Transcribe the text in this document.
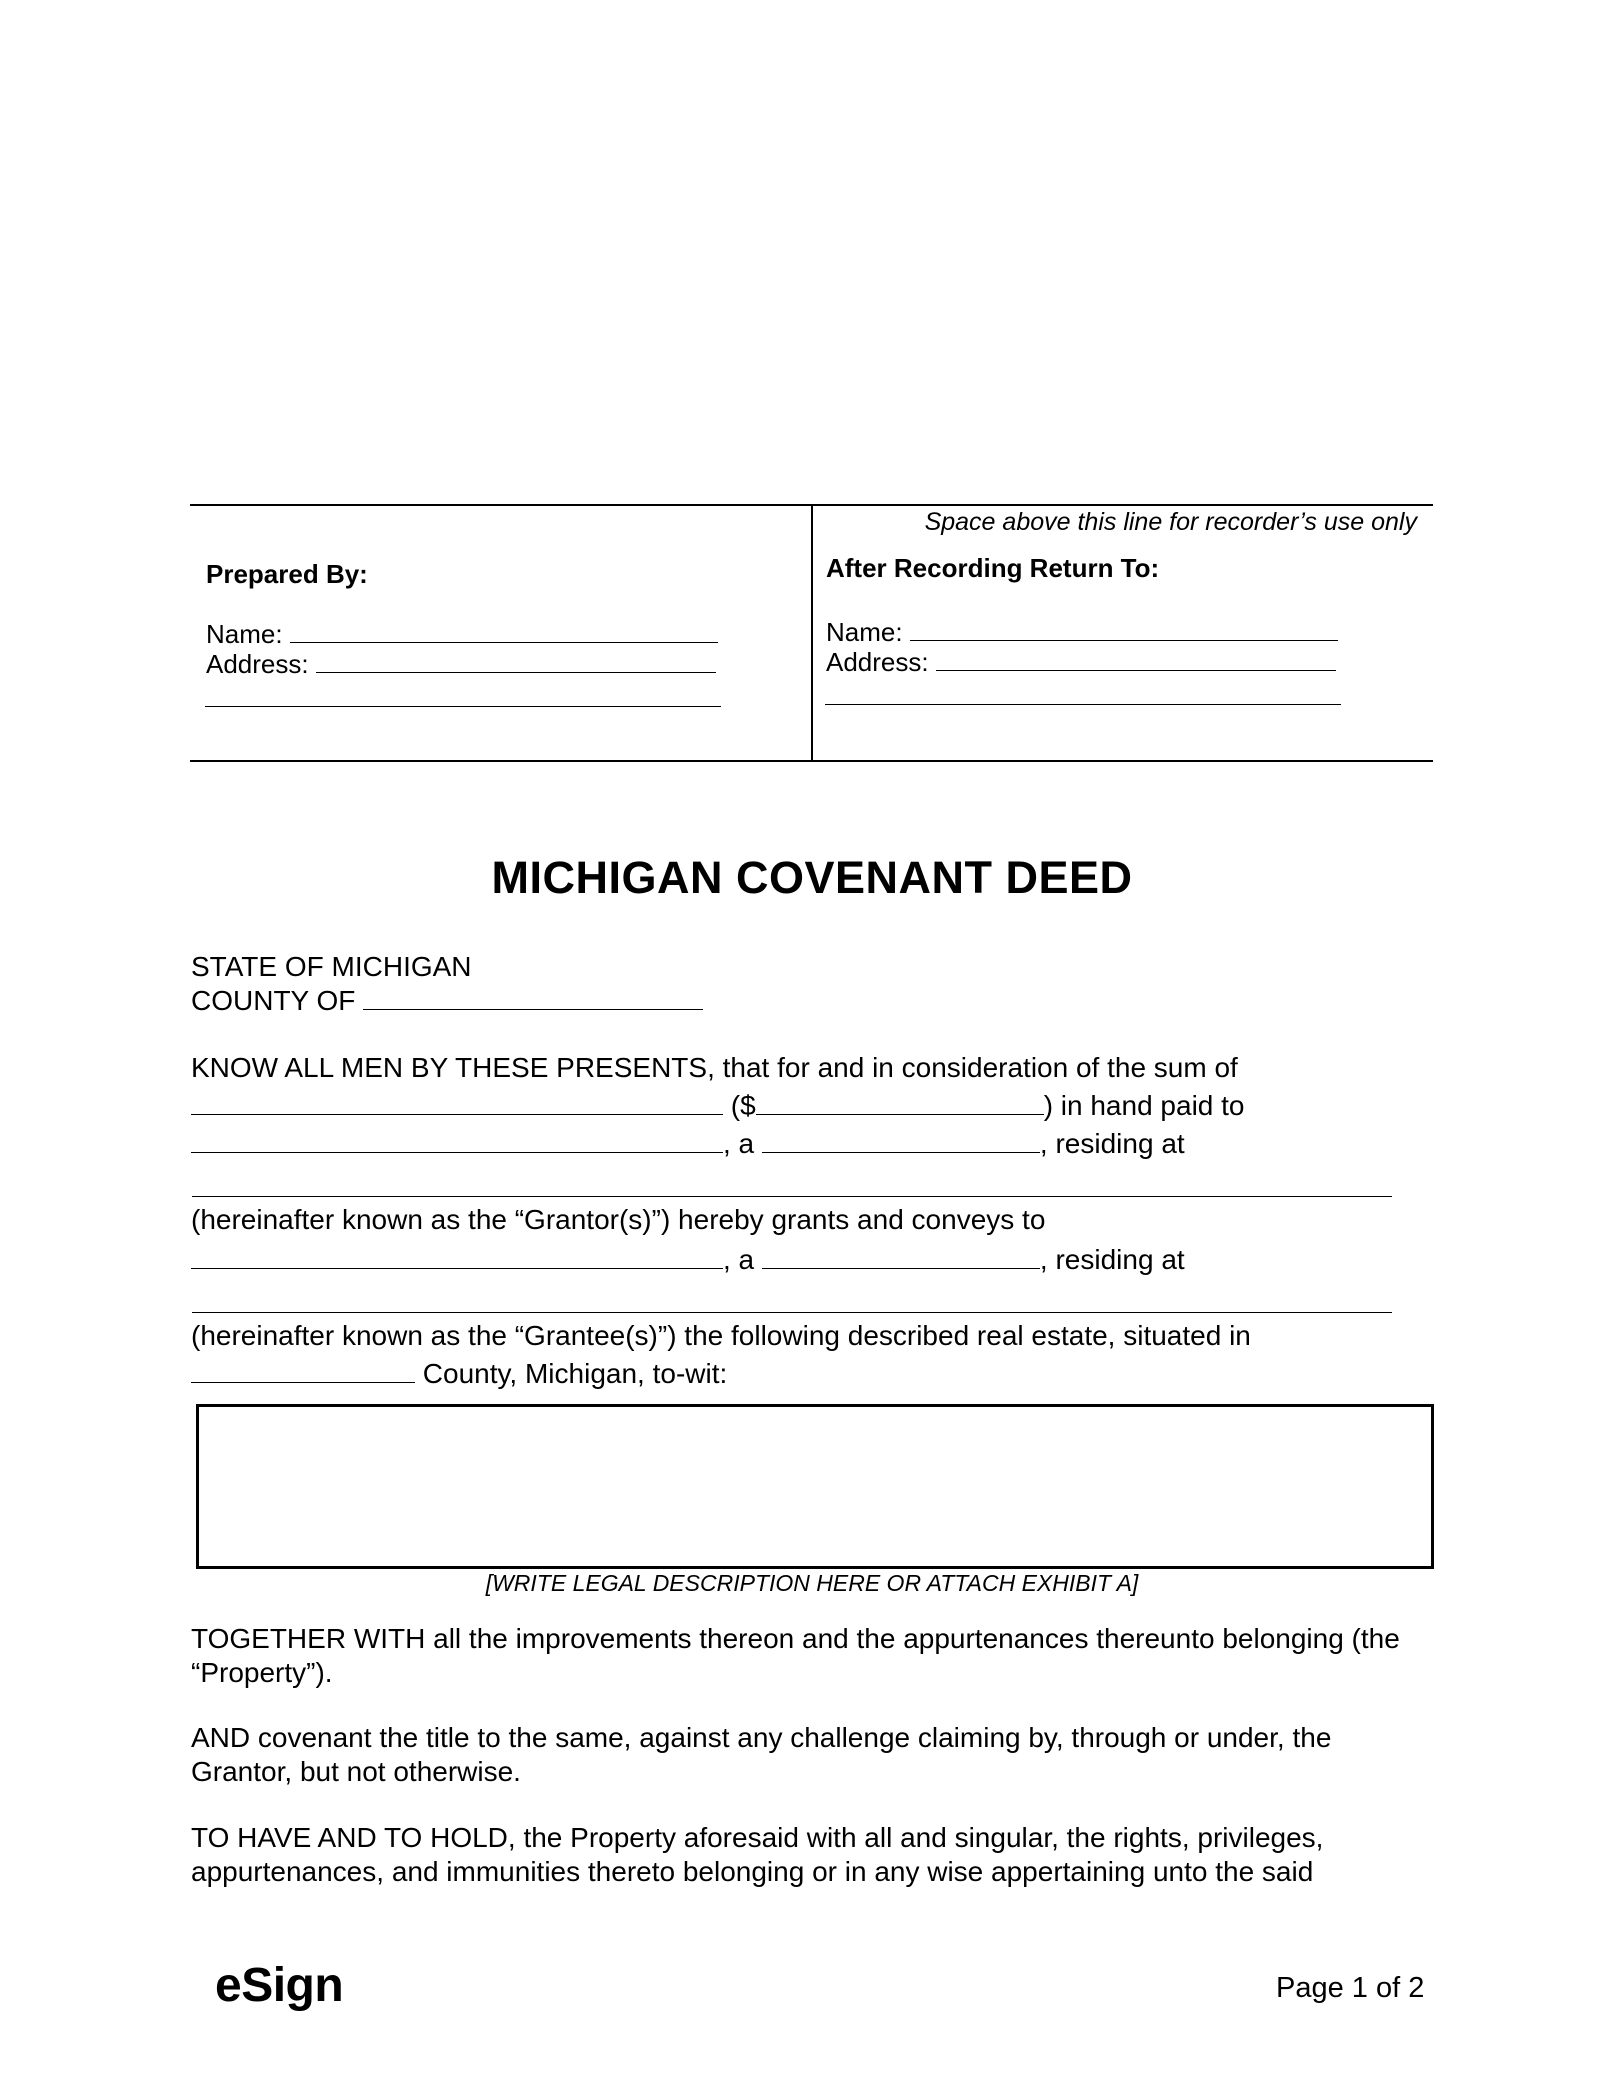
Space above this line for recorder’s use only
Prepared By:
Name:
Address:
After Recording Return To:
Name:
Address:
MICHIGAN COVENANT DEED
STATE OF MICHIGAN
COUNTY OF
KNOW ALL MEN BY THESE PRESENTS, that for and in consideration of the sum of
($	) in hand paid to
, a	, residing at
(hereinafter known as the “Grantor(s)”) hereby grants and conveys to
, a	, residing at
(hereinafter known as the “Grantee(s)”) the following described real estate, situated in
County, Michigan, to-wit:
[WRITE LEGAL DESCRIPTION HERE OR ATTACH EXHIBIT A]
TOGETHER WITH all the improvements thereon and the appurtenances thereunto belonging (the “Property”).
AND covenant the title to the same, against any challenge claiming by, through or under, the Grantor, but not otherwise.
TO HAVE AND TO HOLD, the Property aforesaid with all and singular, the rights, privileges, appurtenances, and immunities thereto belonging or in any wise appertaining unto the said
eSign	Page 1 of 2
